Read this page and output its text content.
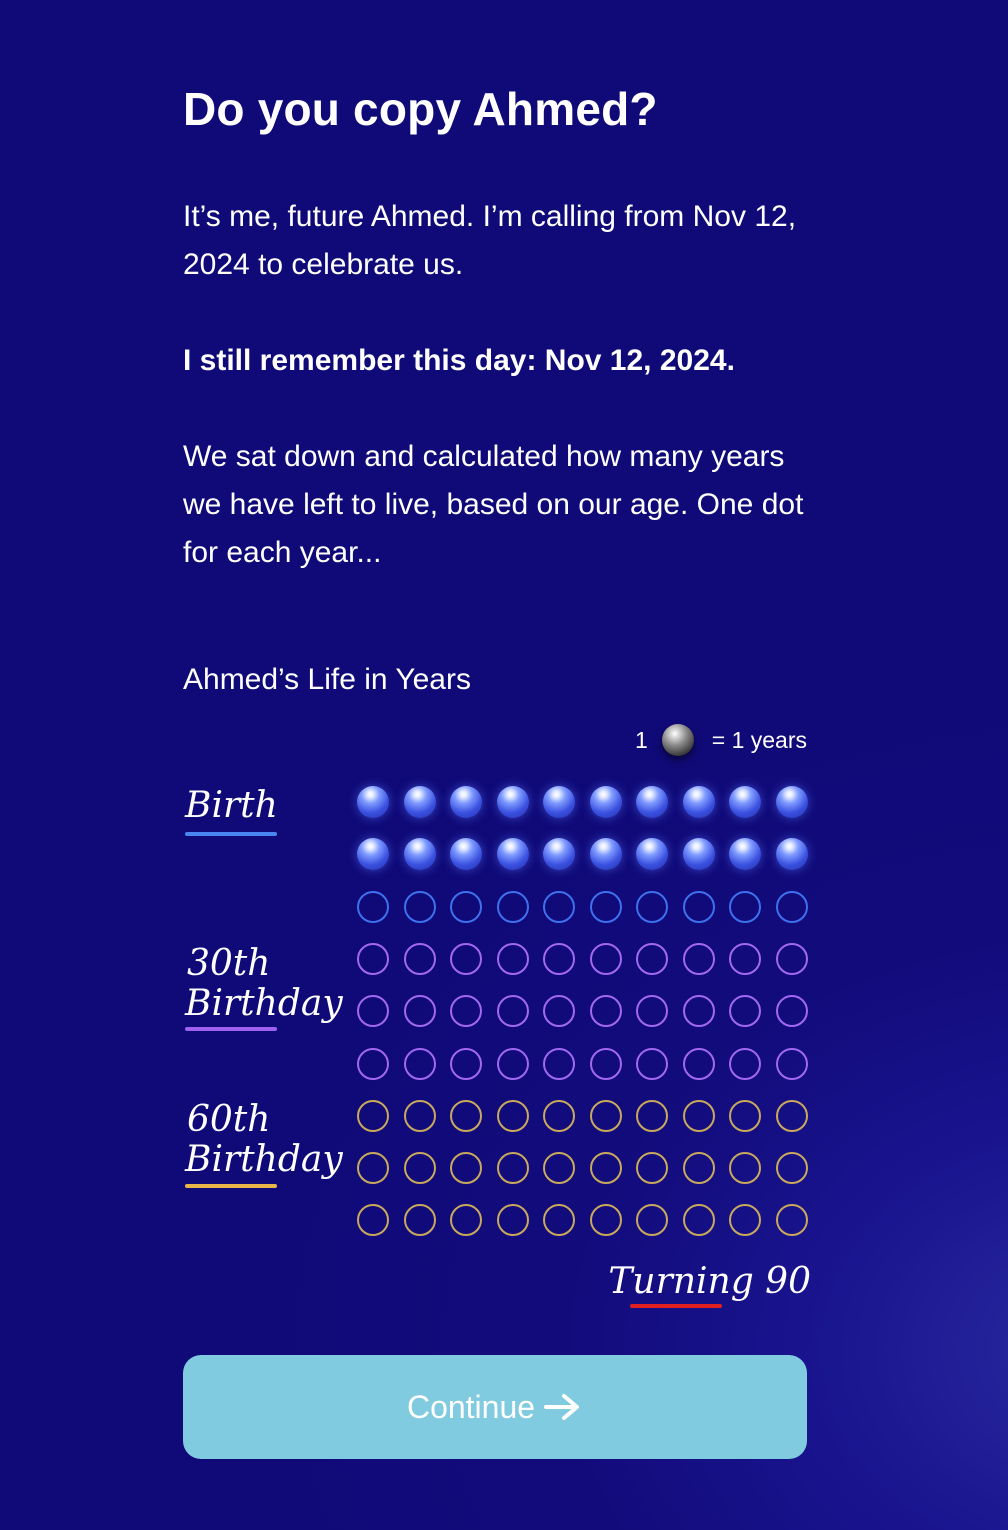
Do you copy Ahmed?

It’s me, future Ahmed. I’m calling from Nov 12, 2024 to celebrate us.

I still remember this day: Nov 12, 2024.

We sat down and calculated how many years we have left to live, based on our age. One dot for each year...

Ahmed’s Life in Years
1	= 1 years
Birth
30th
Birthday
60th
Birthday
Turning 90
Continue
